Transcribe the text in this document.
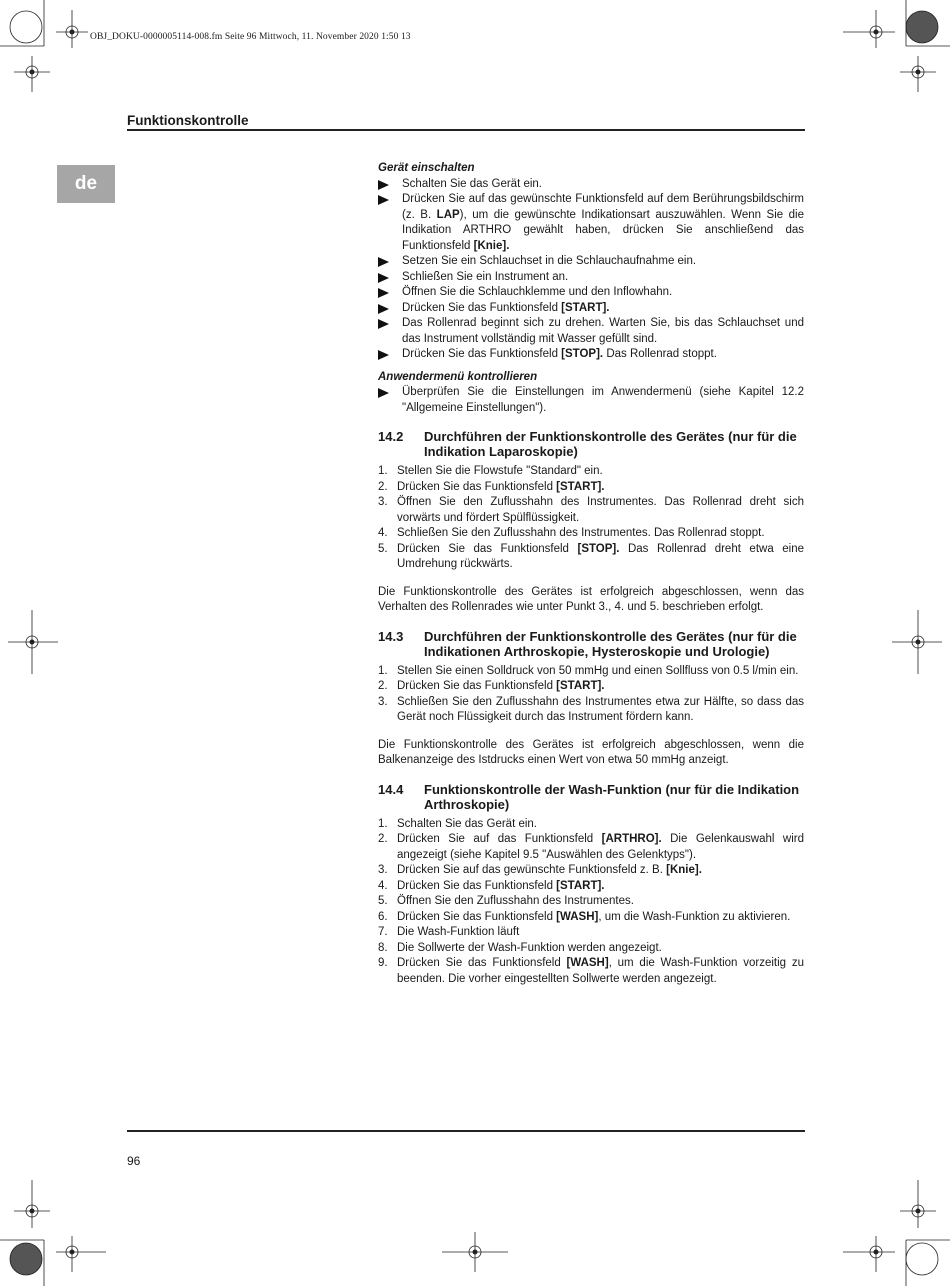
OBJ_DOKU-0000005114-008.fm Seite 96 Mittwoch, 11. November 2020 1:50 13
Funktionskontrolle
de

Gerät einschalten

Schalten Sie das Gerät ein.
Drücken Sie auf das gewünschte Funktionsfeld auf dem Berührungsbildschirm (z. B. LAP), um die gewünschte Indikationsart auszuwählen. Wenn Sie die Indikation ARTHRO gewählt haben, drücken Sie anschließend das Funktionsfeld [Knie].
Setzen Sie ein Schlauchset in die Schlauchaufnahme ein.
Schließen Sie ein Instrument an.
Öffnen Sie die Schlauchklemme und den Inflowhahn.
Drücken Sie das Funktionsfeld [START].
Das Rollenrad beginnt sich zu drehen. Warten Sie, bis das Schlauchset und das Instrument vollständig mit Wasser gefüllt sind.
Drücken Sie das Funktionsfeld [STOP]. Das Rollenrad stoppt.

Anwendermenü kontrollieren

Überprüfen Sie die Einstellungen im Anwendermenü (siehe Kapitel 12.2 "Allgemeine Einstellungen").
14.2	Durchführen der Funktionskontrolle des Gerätes (nur für die Indikation Laparoskopie)
1. Stellen Sie die Flowstufe "Standard" ein.
2. Drücken Sie das Funktionsfeld [START].
3. Öffnen Sie den Zuflusshahn des Instrumentes. Das Rollenrad dreht sich vorwärts und fördert Spülflüssigkeit.
4. Schließen Sie den Zuflusshahn des Instrumentes. Das Rollenrad stoppt.
5. Drücken Sie das Funktionsfeld [STOP]. Das Rollenrad dreht etwa eine Umdrehung rückwärts.

Die Funktionskontrolle des Gerätes ist erfolgreich abgeschlossen, wenn das Verhalten des Rollenrades wie unter Punkt 3., 4. und 5. beschrieben erfolgt.

14.3	Durchführen der Funktionskontrolle des Gerätes (nur für die Indikationen Arthroskopie, Hysteroskopie und Urologie)
1. Stellen Sie einen Solldruck von 50 mmHg und einen Sollfluss von 0.5 l/min ein.
2. Drücken Sie das Funktionsfeld [START].
3. Schließen Sie den Zuflusshahn des Instrumentes etwa zur Hälfte, so dass das Gerät noch Flüssigkeit durch das Instrument fördern kann.

Die Funktionskontrolle des Gerätes ist erfolgreich abgeschlossen, wenn die Balkenanzeige des Istdrucks einen Wert von etwa 50 mmHg anzeigt.

14.4	Funktionskontrolle der Wash-Funktion (nur für die Indikation Arthroskopie)
1. Schalten Sie das Gerät ein.
2. Drücken Sie auf das Funktionsfeld [ARTHRO]. Die Gelenkauswahl wird angezeigt (siehe Kapitel 9.5 "Auswählen des Gelenktyps").
3. Drücken Sie auf das gewünschte Funktionsfeld z. B. [Knie].
4. Drücken Sie das Funktionsfeld [START].
5. Öffnen Sie den Zuflusshahn des Instrumentes.
6. Drücken Sie das Funktionsfeld [WASH], um die Wash-Funktion zu aktivieren.
7. Die Wash-Funktion läuft
8. Die Sollwerte der Wash-Funktion werden angezeigt.
9. Drücken Sie das Funktionsfeld [WASH], um die Wash-Funktion vorzeitig zu beenden. Die vorher eingestellten Sollwerte werden angezeigt.
96
